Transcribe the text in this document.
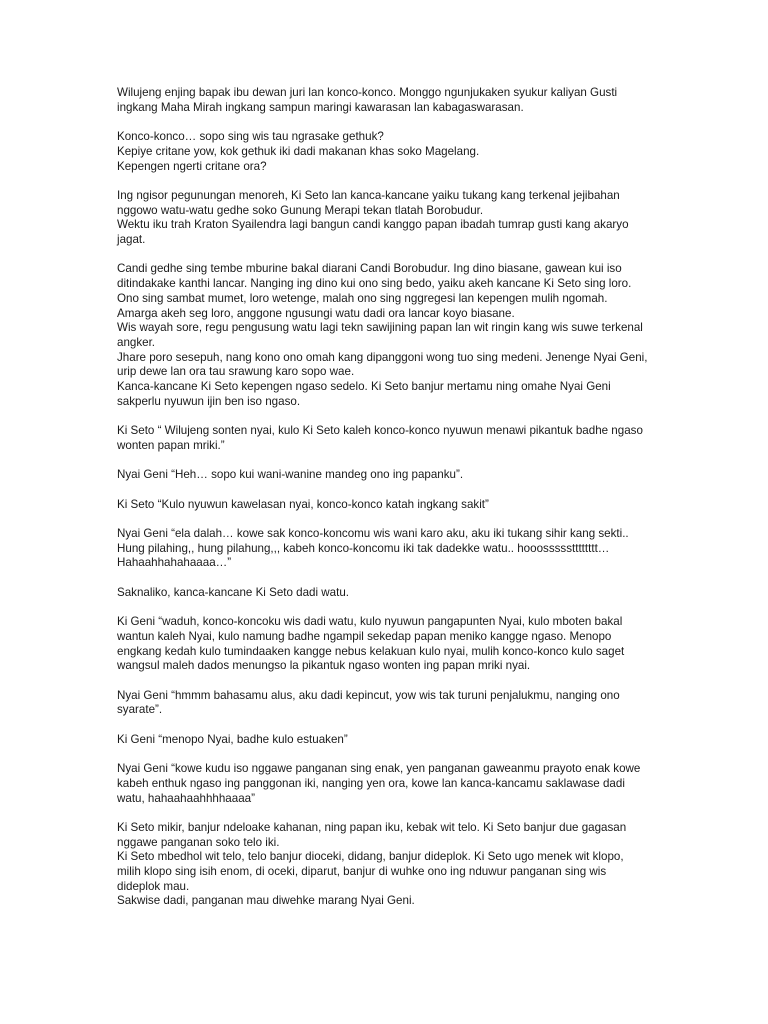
Wilujeng enjing bapak ibu dewan juri lan konco-konco. Monggo ngunjukaken syukur kaliyan Gusti
ingkang Maha Mirah ingkang sampun maringi kawarasan lan kabagaswarasan.

Konco-konco… sopo sing wis tau ngrasake gethuk?
Kepiye critane yow, kok gethuk iki dadi makanan khas soko Magelang.
Kepengen ngerti critane ora?

Ing ngisor pegunungan menoreh, Ki Seto lan kanca-kancane yaiku tukang kang terkenal jejibahan
nggowo watu-watu gedhe soko Gunung Merapi tekan tlatah Borobudur.
Wektu iku trah Kraton Syailendra lagi bangun candi kanggo papan ibadah tumrap gusti kang akaryo
jagat.

Candi gedhe sing tembe mburine bakal diarani Candi Borobudur. Ing dino biasane, gawean kui iso
ditindakake kanthi lancar. Nanging ing dino kui ono sing bedo, yaiku akeh kancane Ki Seto sing loro.
Ono sing sambat mumet, loro wetenge, malah ono sing nggregesi lan kepengen mulih ngomah.
Amarga akeh seg loro, anggone ngusungi watu dadi ora lancar koyo biasane.
Wis wayah sore, regu pengusung watu lagi tekn sawijining papan lan wit ringin kang wis suwe terkenal
angker.
Jhare poro sesepuh, nang kono ono omah kang dipanggoni wong tuo sing medeni. Jenenge Nyai Geni,
urip dewe lan ora tau srawung karo sopo wae.
Kanca-kancane Ki Seto kepengen ngaso sedelo. Ki Seto banjur mertamu ning omahe Nyai Geni
sakperlu nyuwun ijin ben iso ngaso.

Ki Seto “ Wilujeng sonten nyai, kulo Ki Seto kaleh konco-konco nyuwun menawi pikantuk badhe ngaso
wonten papan mriki.”

Nyai Geni “Heh… sopo kui wani-wanine mandeg ono ing papanku”.

Ki Seto “Kulo nyuwun kawelasan nyai, konco-konco katah ingkang sakit”

Nyai Geni “ela dalah… kowe sak konco-koncomu wis wani karo aku, aku iki tukang sihir kang sekti..
Hung pilahing,, hung pilahung,,, kabeh konco-koncomu iki tak dadekke watu.. hooossssstttttttt…
Hahaahhahahaaaa…”

Saknaliko, kanca-kancane Ki Seto dadi watu.

Ki Geni “waduh, konco-koncoku wis dadi watu, kulo nyuwun pangapunten Nyai, kulo mboten bakal
wantun kaleh Nyai, kulo namung badhe ngampil sekedap papan meniko kangge ngaso. Menopo
engkang kedah kulo tumindaaken kangge nebus kelakuan kulo nyai, mulih konco-konco kulo saget
wangsul maleh dados menungso la pikantuk ngaso wonten ing papan mriki nyai.

Nyai Geni “hmmm bahasamu alus, aku dadi kepincut, yow wis tak turuni penjalukmu, nanging ono
syarate”.

Ki Geni “menopo Nyai, badhe kulo estuaken”

Nyai Geni “kowe kudu iso nggawe panganan sing enak, yen panganan gaweanmu prayoto enak kowe
kabeh enthuk ngaso ing panggonan iki, nanging yen ora, kowe lan kanca-kancamu saklawase dadi
watu, hahaahaahhhhaaaa”

Ki Seto mikir, banjur ndeloake kahanan, ning papan iku, kebak wit telo. Ki Seto banjur due gagasan
nggawe panganan soko telo iki.
Ki Seto mbedhol wit telo, telo banjur dioceki, didang, banjur dideplok. Ki Seto ugo menek wit klopo,
milih klopo sing isih enom, di oceki, diparut, banjur di wuhke ono ing nduwur panganan sing wis
dideplok mau.
Sakwise dadi, panganan mau diwehke marang Nyai Geni.
